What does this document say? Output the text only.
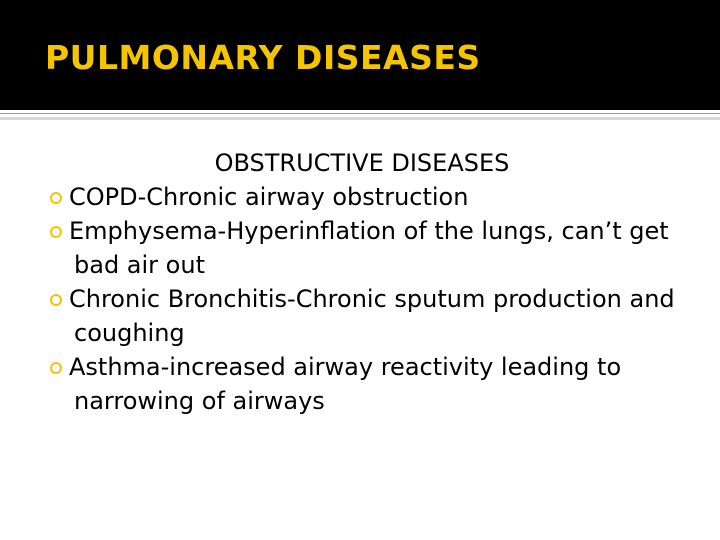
PULMONARY DISEASES
OBSTRUCTIVE DISEASES
COPD-Chronic airway obstruction
Emphysema-Hyperinflation of the lungs, can’t get bad air out
Chronic Bronchitis-Chronic sputum production and coughing
Asthma-increased airway reactivity leading to narrowing of airways
